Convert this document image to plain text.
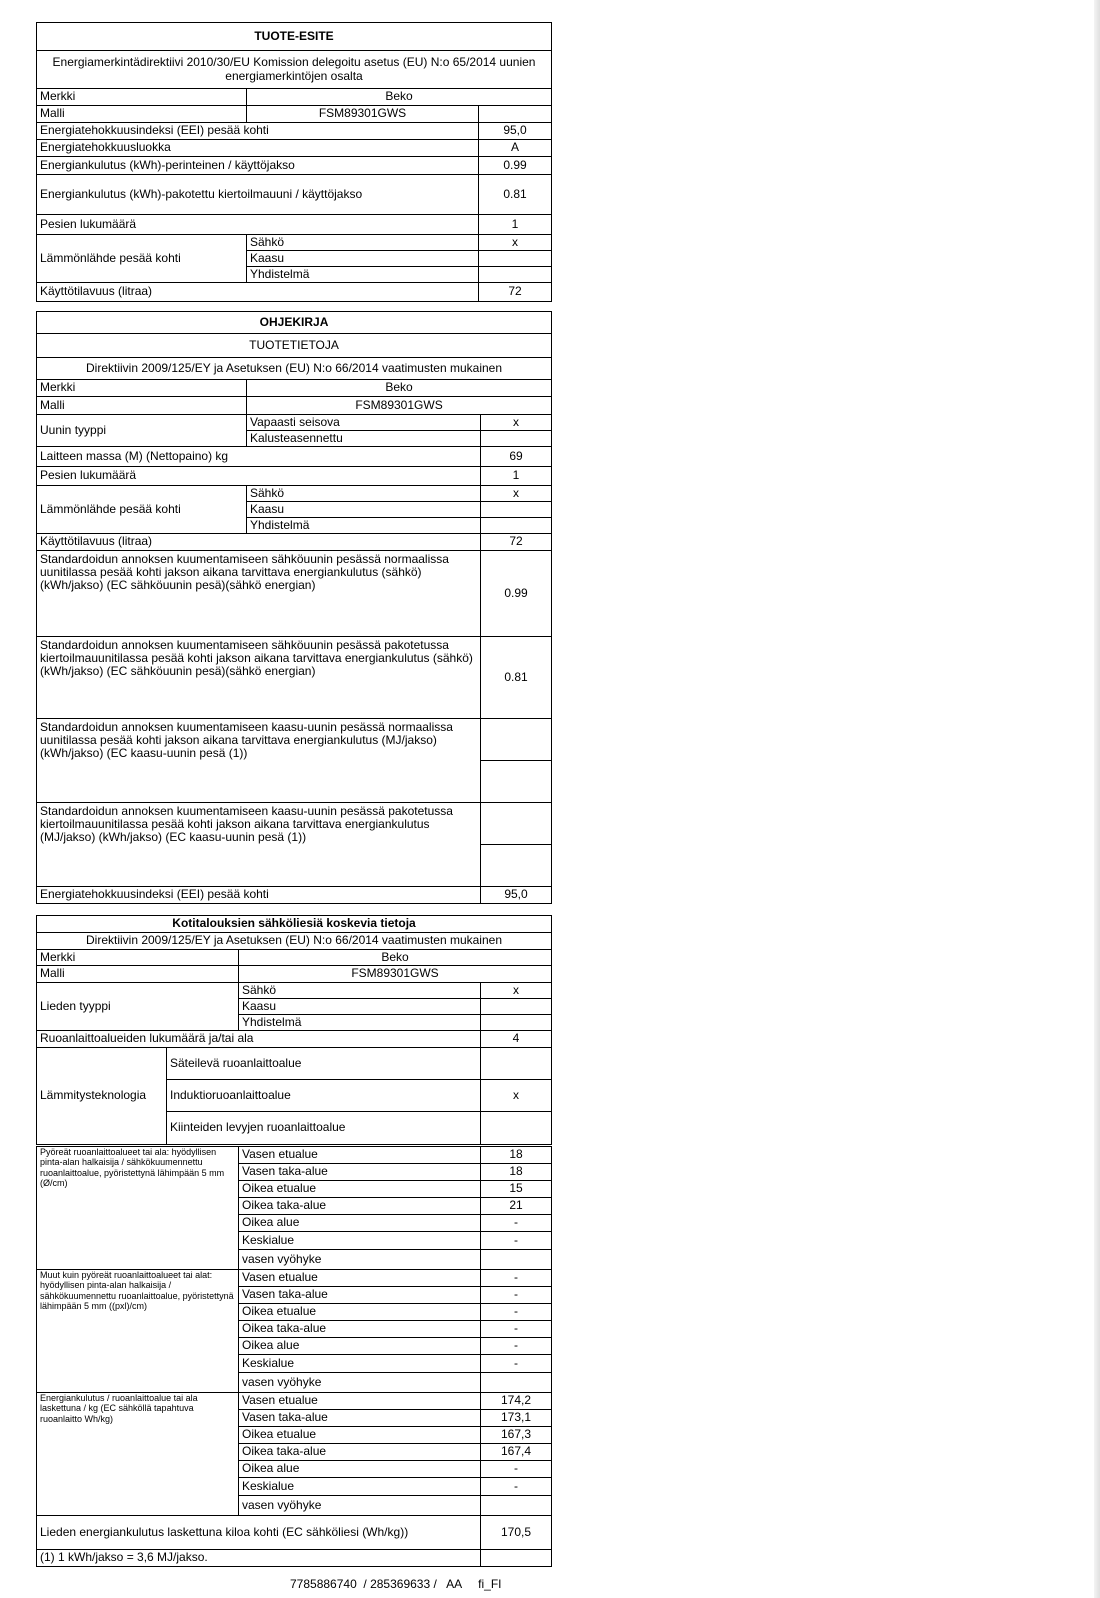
TUOTE-ESITE		
Energiamerkintädirektiivi 2010/30/EU Komission delegoitu asetus (EU) N:o 65/2014 uunien energiamerkintöjen osalta		
Merkki	Beko	
Malli	FSM89301GWS	
Energiatehokkuusindeksi (EEI) pesää kohti		95,0
Energiatehokkuusluokka		A
Energiankulutus (kWh)-perinteinen / käyttöjakso		0.99
Energiankulutus (kWh)-pakotettu kiertoilmauuni / käyttöjakso		0.81
Pesien lukumäärä		1
Lämmönlähde pesää kohti	Sähkö	x
	Kaasu	
	Yhdistelmä	
Käyttötilavuus (litraa)		72
OHJEKIRJA		
TUOTETIETOJA		
Direktiivin 2009/125/EY ja Asetuksen (EU) N:o 66/2014 vaatimusten mukainen		
Merkki	Beko	
Malli	FSM89301GWS	
Uunin tyyppi	Vapaasti seisova	x
	Kalusteasennettu	
Laitteen massa (M) (Nettopaino) kg		69
Pesien lukumäärä		1
Lämmönlähde pesää kohti	Sähkö	x
	Kaasu	
	Yhdistelmä	
Käyttötilavuus (litraa)		72
Standardoidun annoksen kuumentamiseen sähköuunin pesässä normaalissa uunitilassa pesää kohti jakson aikana tarvittava energiankulutus (sähkö) (kWh/jakso) (EC sähköuunin pesä)(sähkö energian)		0.99
Standardoidun annoksen kuumentamiseen sähköuunin pesässä pakotetussa kiertoilmauunitilassa pesää kohti jakson aikana tarvittava energiankulutus (sähkö) (kWh/jakso) (EC sähköuunin pesä)(sähkö energian)		0.81
Standardoidun annoksen kuumentamiseen kaasu-uunin pesässä normaalissa uunitilassa pesää kohti jakson aikana tarvittava energiankulutus (MJ/jakso) (kWh/jakso) (EC kaasu-uunin pesä (1))		

Standardoidun annoksen kuumentamiseen kaasu-uunin pesässä pakotetussa kiertoilmauunitilassa pesää kohti jakson aikana tarvittava energiankulutus (MJ/jakso) (kWh/jakso) (EC kaasu-uunin pesä (1))		

Energiatehokkuusindeksi (EEI) pesää kohti		95,0
Kotitalouksien sähköliesiä koskevia tietoja			
Direktiivin 2009/125/EY ja Asetuksen (EU) N:o 66/2014 vaatimusten mukainen			
Merkki		Beko	
Malli		FSM89301GWS	
Lieden tyyppi		Sähkö	x
		Kaasu	
		Yhdistelmä	
Ruoanlaittoalueiden lukumäärä ja/tai ala			4
Lämmitysteknologia	Säteilevä ruoanlaittoalue		
	Induktioruoanlaittoalue		x
	Kiinteiden levyjen ruoanlaittoalue		
Pyöreät ruoanlaittoalueet tai ala: hyödyllisen pinta-alan halkaisija / sähkökuumennettu ruoanlaittoalue, pyöristettynä lähimpään 5 mm (Ø/cm)	Vasen etualue	18
	Vasen taka-alue	18
	Oikea etualue	15
	Oikea taka-alue	21
	Oikea alue	-
	Keskialue	-
	vasen vyöhyke	
Muut kuin pyöreät ruoanlaittoalueet tai alat: hyödyllisen pinta-alan halkaisija / sähkökuumennettu ruoanlaittoalue, pyöristettynä lähimpään 5 mm ((pxl)/cm)	Vasen etualue	-
	Vasen taka-alue	-
	Oikea etualue	-
	Oikea taka-alue	-
	Oikea alue	-
	Keskialue	-
	vasen vyöhyke	
Energiankulutus / ruoanlaittoalue tai ala laskettuna / kg (EC sähköllä tapahtuva ruoanlaitto Wh/kg)	Vasen etualue	174,2
	Vasen taka-alue	173,1
	Oikea etualue	167,3
	Oikea taka-alue	167,4
	Oikea alue	-
	Keskialue	-
	vasen vyöhyke	
Lieden energiankulutus laskettuna kiloa kohti (EC sähköliesi (Wh/kg))		170,5
(1) 1 kWh/jakso = 3,6 MJ/jakso.		
7785886740  / 285369633 /   AA     fi_FI
